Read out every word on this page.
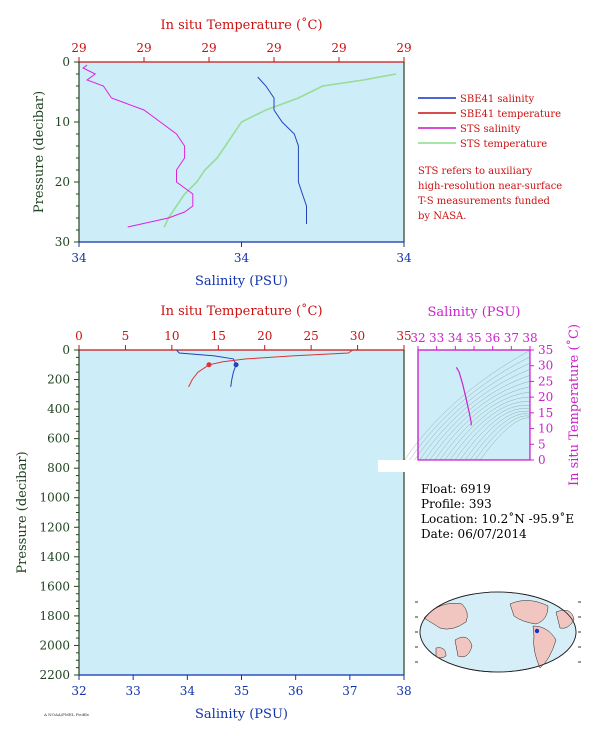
In situ Temperature (˚C)
Salinity (PSU)
Pressure (decibar)
29	29	29	29	29	29
34	34	34
0
10
20
30
SBE41 salinity
SBE41 temperature
STS salinity
STS temperature
STS refers to auxiliary
high-resolution near-surface
T-S measurements funded
by NASA.
In situ Temperature (˚C)
Salinity (PSU)
Pressure (decibar)
0	5	10	15	20	25	30	35
32	33	34	35	36	37	38
0
200
400
600
800
1000
1200
1400
1600
1800
2000
2200
Salinity (PSU)
32 33 34 35 36 37 38
0
5
10
15
20
25
30
35 In situ Temperature (˚C)
Float: 6919
Profile: 393
Location: 10.2˚N -95.9˚E
Date: 06/07/2014
A NOAA/PMEL Profile
